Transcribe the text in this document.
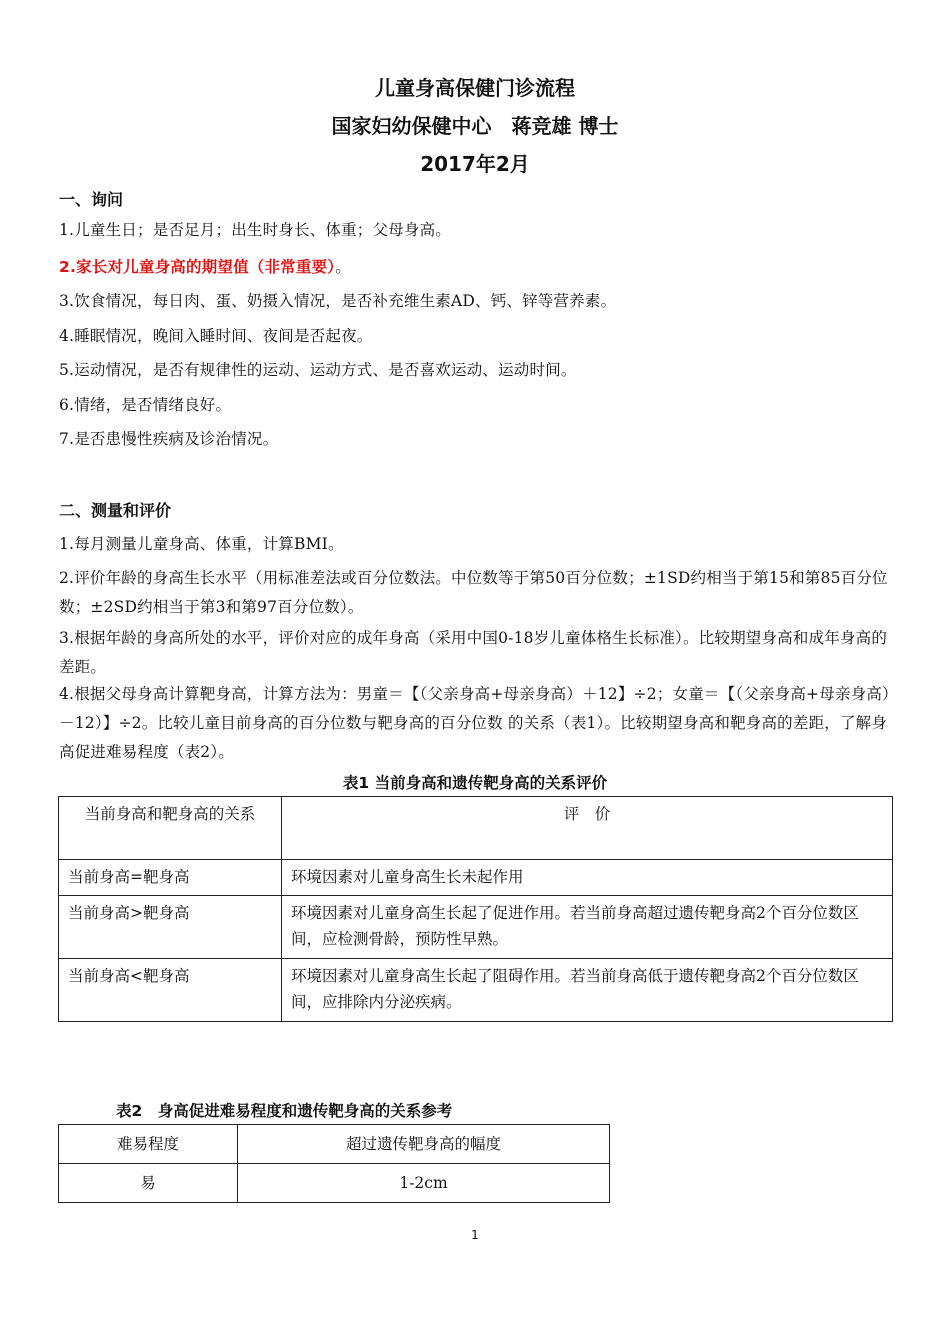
儿童身高保健门诊流程
国家妇幼保健中心　蒋竞雄 博士
2017年2月
一、询问
1.儿童生日；是否足月；出生时身长、体重；父母身高。
2.家长对儿童身高的期望值（非常重要）。
3.饮食情况，每日肉、蛋、奶摄入情况，是否补充维生素AD、钙、锌等营养素。
4.睡眠情况，晚间入睡时间、夜间是否起夜。
5.运动情况，是否有规律性的运动、运动方式、是否喜欢运动、运动时间。
6.情绪，是否情绪良好。
7.是否患慢性疾病及诊治情况。
二、测量和评价
1.每月测量儿童身高、体重，计算BMI。
2.评价年龄的身高生长水平（用标准差法或百分位数法。中位数等于第50百分位数；±1SD约相当于第15和第85百分位数；±2SD约相当于第3和第97百分位数）。
3.根据年龄的身高所处的水平，评价对应的成年身高（采用中国0-18岁儿童体格生长标准）。比较期望身高和成年身高的差距。
4.根据父母身高计算靶身高，计算方法为：男童＝【（父亲身高+母亲身高）＋12】÷2；女童＝【（父亲身高+母亲身高）－12）】÷2。比较儿童目前身高的百分位数与靶身高的百分位数 的关系（表1）。比较期望身高和靶身高的差距，了解身高促进难易程度（表2）。
表1 当前身高和遗传靶身高的关系评价
当前身高和靶身高的关系	评　价
当前身高=靶身高	环境因素对儿童身高生长未起作用
当前身高>靶身高	环境因素对儿童身高生长起了促进作用。若当前身高超过遗传靶身高2个百分位数区间，应检测骨龄，预防性早熟。
当前身高<靶身高	环境因素对儿童身高生长起了阻碍作用。若当前身高低于遗传靶身高2个百分位数区间，应排除内分泌疾病。
表2　身高促进难易程度和遗传靶身高的关系参考
难易程度	超过遗传靶身高的幅度
易	1-2cm
1
